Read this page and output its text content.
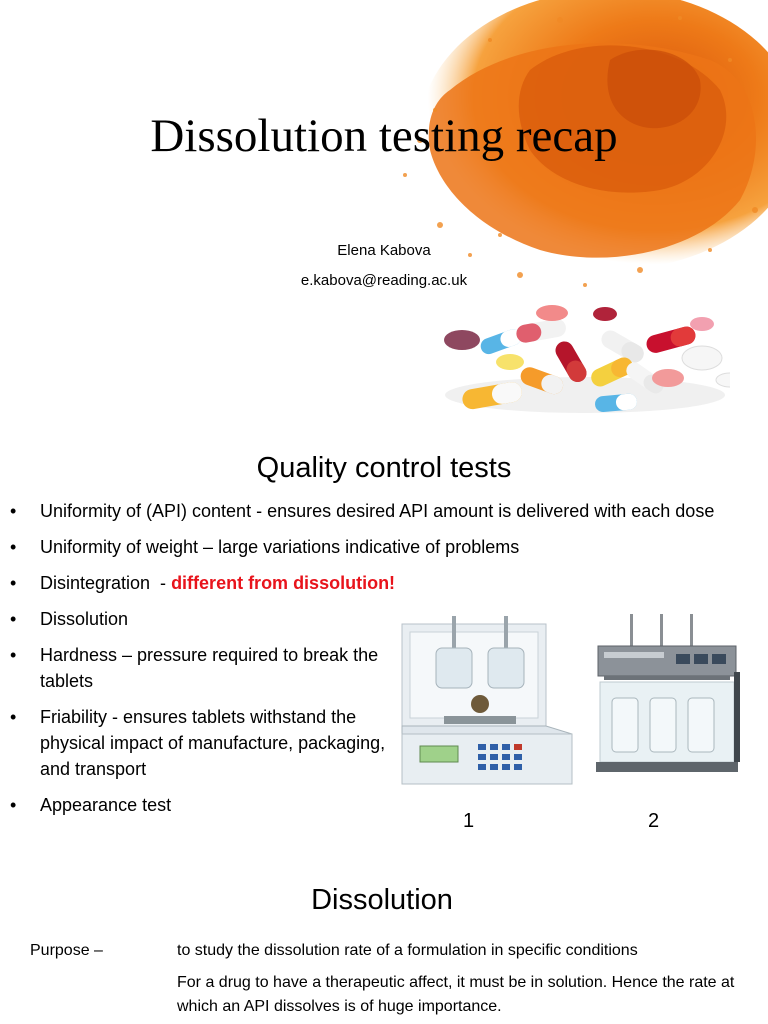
Dissolution testing recap
Elena Kabova
e.kabova@reading.ac.uk
Quality control tests
• Uniformity of (API) content - ensures desired API amount is delivered with each dose
• Uniformity of weight – large variations indicative of problems
• Disintegration  - different from dissolution!
• Dissolution
• Hardness – pressure required to break the tablets
• Friability - ensures tablets withstand the physical impact of manufacture, packaging, and transport
• Appearance test
1	2
Dissolution
Purpose –	to study the dissolution rate of a formulation in specific conditions
For a drug to have a therapeutic affect, it must be in solution. Hence the rate at which an API dissolves is of huge importance.
